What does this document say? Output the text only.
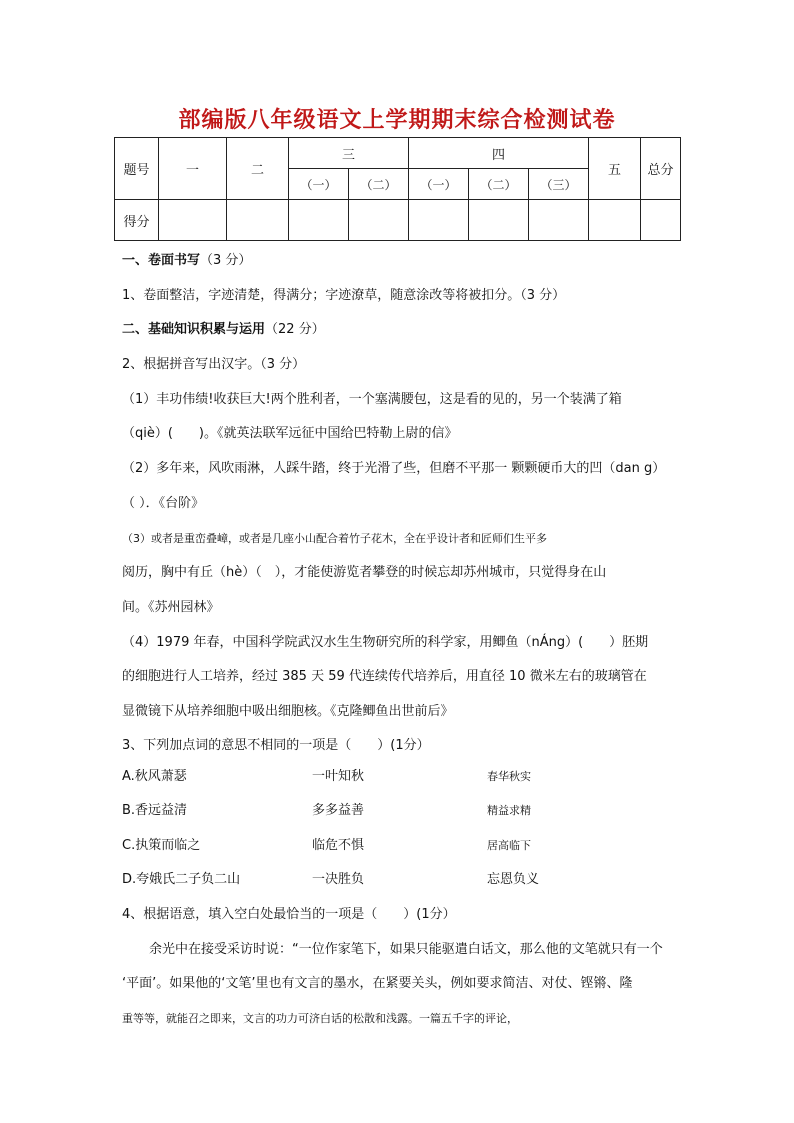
部编版八年级语文上学期期末综合检测试卷
题号	一	二	三		四			五	总分
			（一）	（二）	（一）	（二）	（三）		
得分									
一、卷面书写（3 分）
1、卷面整洁，字迹清楚，得满分；字迹潦草，随意涂改等将被扣分。（3 分）
二、基础知识积累与运用（22 分）
2、根据拼音写出汉字。（3 分）
（1）丰功伟绩!收获巨大!两个胜利者，一个塞满腰包，这是看的见的，另一个装满了箱
（qiè）(　　)。《就英法联军远征中国给巴特勒上尉的信》
（2）多年来，风吹雨淋，人踩牛踏，终于光滑了些，但磨不平那一 颗颗硬币大的凹（dan g）
（ ）．《台阶》
（3）或者是重峦叠嶂，或者是几座小山配合着竹子花木，全在乎设计者和匠师们生平多
阅历，胸中有丘（hè）（　），才能使游览者攀登的时候忘却苏州城市，只觉得身在山
间。《苏州园林》
（4）1979 年春，中国科学院武汉水生生物研究所的科学家，用鲫鱼（nÁng）(　　）胚期
的细胞进行人工培养，经过 385 天 59 代连续传代培养后，用直径 10 微米左右的玻璃管在
显微镜下从培养细胞中吸出细胞核。《克隆鲫鱼出世前后》
3、下列加点词的意思不相同的一项是（　　）(1分）
A.秋风萧瑟	一叶知秋	春华秋实
B.香远益清	多多益善	精益求精
C.执策而临之	临危不惧	居高临下
D.夸娥氏二子负二山	一决胜负	忘恩负义
4、根据语意，填入空白处最恰当的一项是（　　）(1分）
余光中在接受采访时说：“一位作家笔下，如果只能驱遣白话文，那么他的文笔就只有一个
‘平面’。如果他的‘文笔’里也有文言的墨水，在紧要关头，例如要求简洁、对仗、铿锵、隆
重等等，就能召之即来，文言的功力可济白话的松散和浅露。一篇五千字的评论，
